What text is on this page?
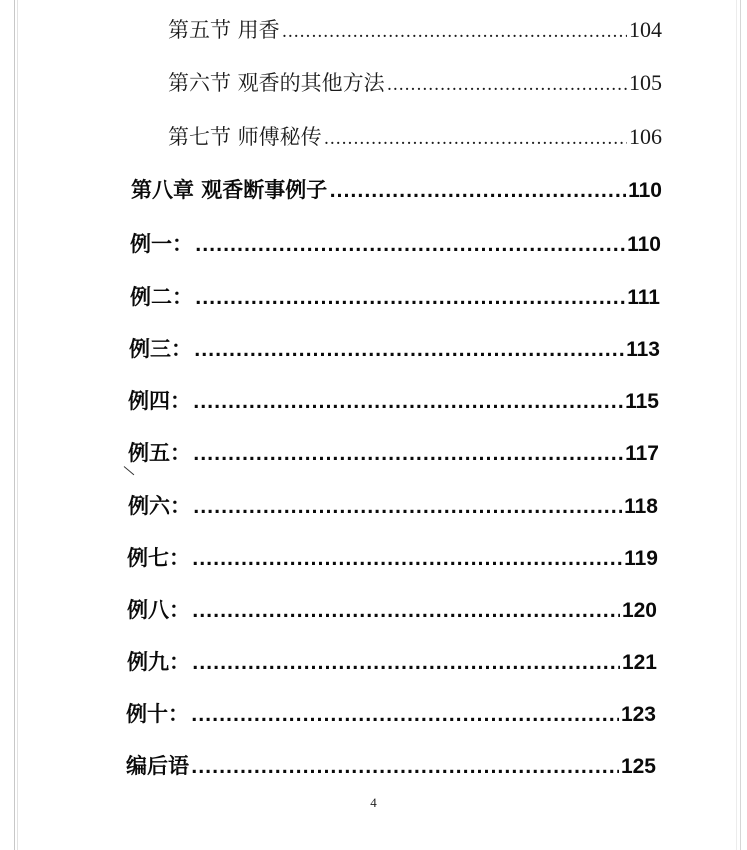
第五节 用香 .....	104
第六节 观香的其他方法 .....	105
第七节 师傅秘传 .....	106
第八章 观香断事例子 .....	110
例一： .....	110
例二： .....	111
例三： .....	113
例四： .....	115
例五： .....	117
例六： .....	118
例七： .....	119
例八： .....	120
例九： .....	121
例十： .....	123
编后语 .....	125
4
